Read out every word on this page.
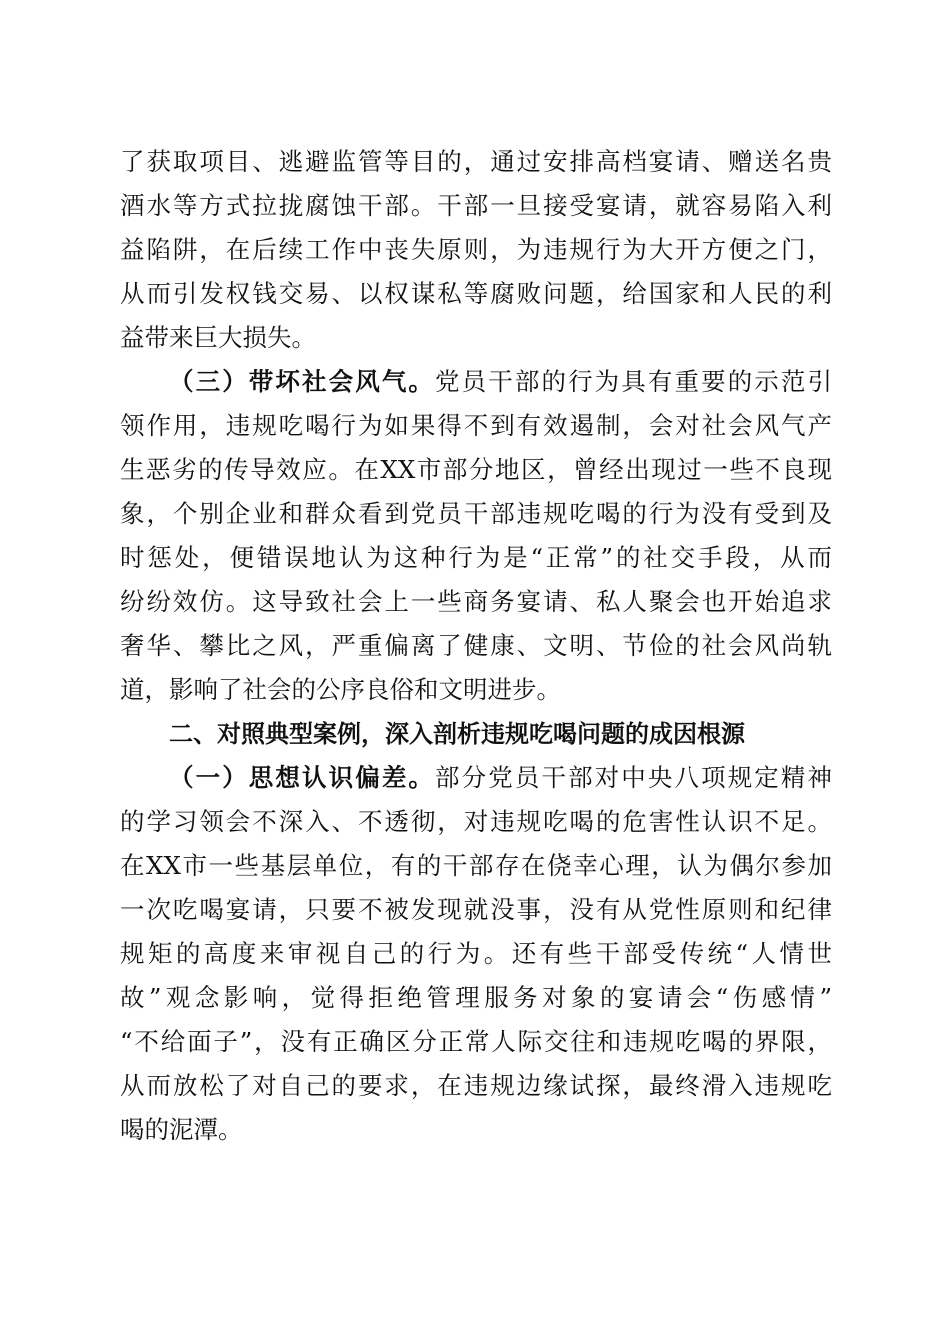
了获取项目、逃避监管等目的，通过安排高档宴请、赠送名贵
酒水等方式拉拢腐蚀干部。干部一旦接受宴请，就容易陷入利
益陷阱，在后续工作中丧失原则，为违规行为大开方便之门，
从而引发权钱交易、以权谋私等腐败问题，给国家和人民的利
益带来巨大损失。
（三）带坏社会风气。党员干部的行为具有重要的示范引
领作用，违规吃喝行为如果得不到有效遏制，会对社会风气产
生恶劣的传导效应。在XX市部分地区，曾经出现过一些不良现
象，个别企业和群众看到党员干部违规吃喝的行为没有受到及
时惩处，便错误地认为这种行为是“正常”的社交手段，从而
纷纷效仿。这导致社会上一些商务宴请、私人聚会也开始追求
奢华、攀比之风，严重偏离了健康、文明、节俭的社会风尚轨
道，影响了社会的公序良俗和文明进步。
二、对照典型案例，深入剖析违规吃喝问题的成因根源
（一）思想认识偏差。部分党员干部对中央八项规定精神
的学习领会不深入、不透彻，对违规吃喝的危害性认识不足。
在XX市一些基层单位，有的干部存在侥幸心理，认为偶尔参加
一次吃喝宴请，只要不被发现就没事，没有从党性原则和纪律
规矩的高度来审视自己的行为。还有些干部受传统“人情世
故”观念影响，觉得拒绝管理服务对象的宴请会“伤感情”
“不给面子”，没有正确区分正常人际交往和违规吃喝的界限，
从而放松了对自己的要求，在违规边缘试探，最终滑入违规吃
喝的泥潭。
